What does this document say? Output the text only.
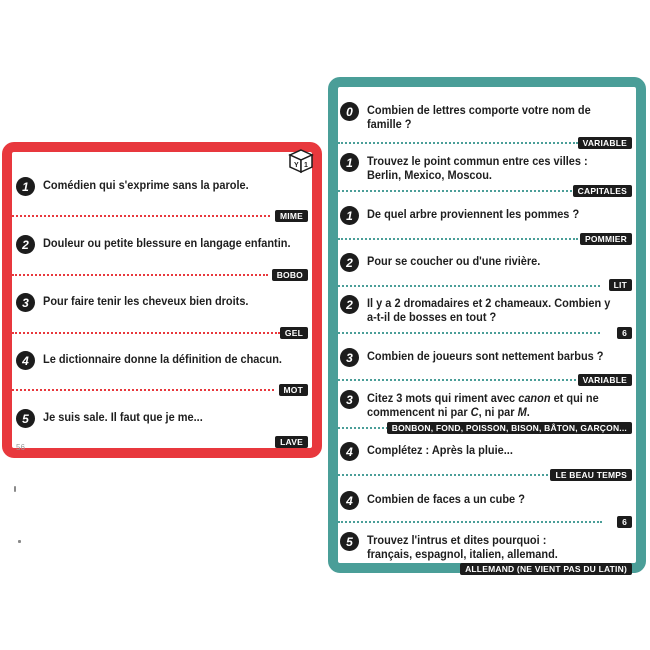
Y 1
1	Comédien qui s'exprime sans la parole.
MIME
2	Douleur ou petite blessure en langage enfantin.
BOBO
3	Pour faire tenir les cheveux bien droits.
GEL
4	Le dictionnaire donne la définition de chacun.
MOT
5	Je suis sale. Il faut que je me...
LAVE
56
0	Combien de lettres comporte votre nom de
famille ?
VARIABLE
1	Trouvez le point commun entre ces villes :
Berlin, Mexico, Moscou.
CAPITALES
1	De quel arbre proviennent les pommes ?
POMMIER
2	Pour se coucher ou d'une rivière.
LIT
2	Il y a 2 dromadaires et 2 chameaux. Combien y
a-t-il de bosses en tout ?
6
3	Combien de joueurs sont nettement barbus ?
VARIABLE
3	Citez 3 mots qui riment avec canon et qui ne
commencent ni par C, ni par M.
BONBON, FOND, POISSON, BISON, BÂTON, GARÇON...
4	Complétez : Après la pluie...
LE BEAU TEMPS
4	Combien de faces a un cube ?
6
5	Trouvez l'intrus et dites pourquoi :
français, espagnol, italien, allemand.
ALLEMAND (NE VIENT PAS DU LATIN)
